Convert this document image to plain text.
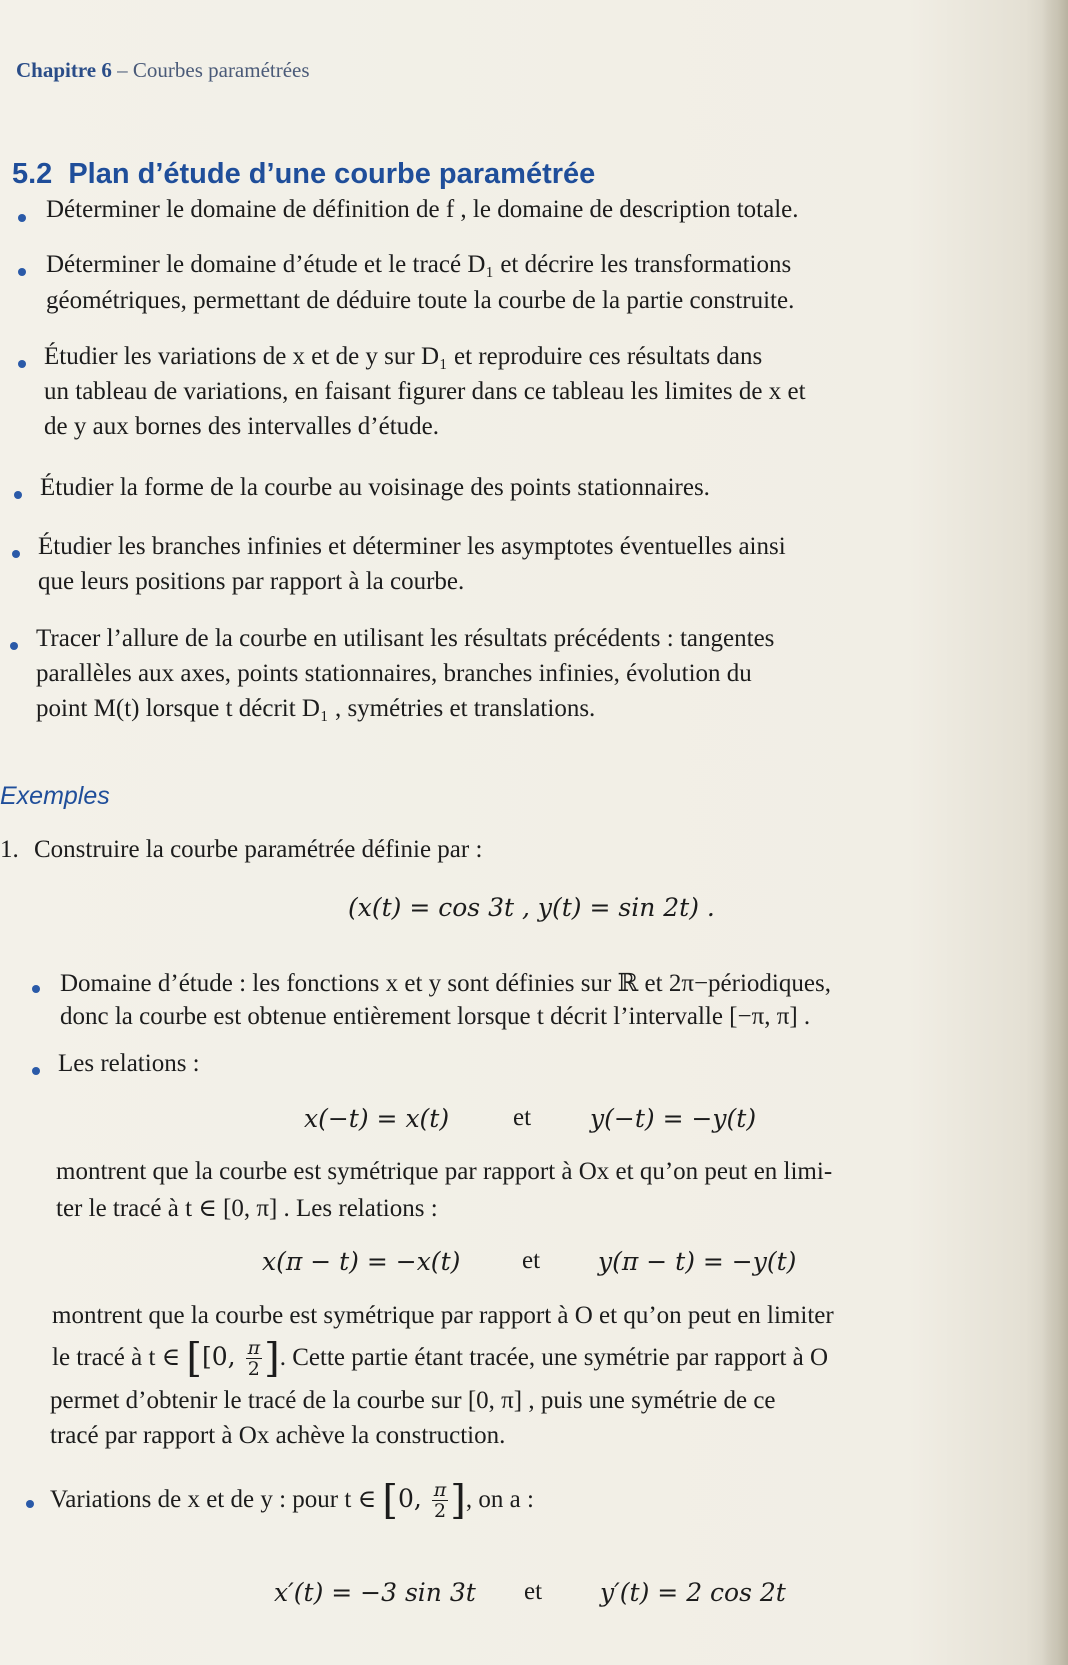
Chapitre 6 – Courbes paramétrées
5.2 Plan d’étude d’une courbe paramétrée
Déterminer le domaine de définition de f , le domaine de description totale.
Déterminer le domaine d’étude et le tracé D₁ et décrire les transformations
géométriques, permettant de déduire toute la courbe de la partie construite.
Étudier les variations de x et de y sur D₁ et reproduire ces résultats dans
un tableau de variations, en faisant figurer dans ce tableau les limites de x et
de y aux bornes des intervalles d’étude.
Étudier la forme de la courbe au voisinage des points stationnaires.
Étudier les branches infinies et déterminer les asymptotes éventuelles ainsi
que leurs positions par rapport à la courbe.
Tracer l’allure de la courbe en utilisant les résultats précédents : tangentes
parallèles aux axes, points stationnaires, branches infinies, évolution du
point M(t) lorsque t décrit D₁ , symétries et translations.
Exemples
1. Construire la courbe paramétrée définie par :
(x(t) = cos 3t , y(t) = sin 2t) .
Domaine d’étude : les fonctions x et y sont définies sur ℝ et 2π−périodiques,
donc la courbe est obtenue entièrement lorsque t décrit l’intervalle [−π, π] .
Les relations :
x(−t) = x(t)	et y(−t) = −y(t)
montrent que la courbe est symétrique par rapport à Ox et qu’on peut en limi-
ter le tracé à t ∈ [0, π] . Les relations :
x(π − t) = −x(t) et y(π − t) = −y(t)
montrent que la courbe est symétrique par rapport à O et qu’on peut en limiter
le tracé à t ∈ [[0, $\frac{\pi}{2}$ ]. Cette partie étant tracée, une symétrie par rapport à O
permet d’obtenir le tracé de la courbe sur [0, π] , puis une symétrie de ce
tracé par rapport à Ox achève la construction.
Variations de x et de y : pour t ∈ [0, $\frac{\pi}{2}$ ], on a :
x′(t) = −3 sin 3t et y′(t) = 2 cos 2t
